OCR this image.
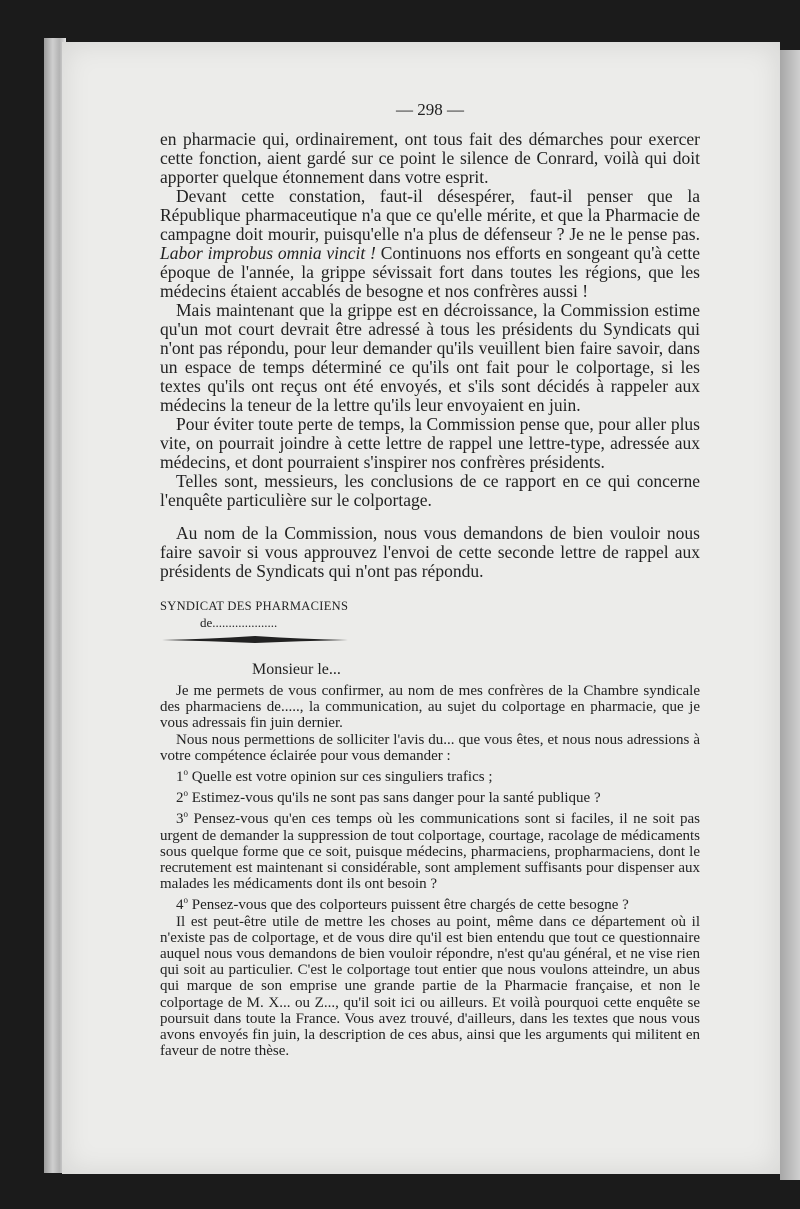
— 298 —

en pharmacie qui, ordinairement, ont tous fait des démarches pour exercer cette fonction, aient gardé sur ce point le silence de Conrard, voilà qui doit apporter quelque étonnement dans votre esprit.

Devant cette constation, faut-il désespérer, faut-il penser que la République pharmaceutique n'a que ce qu'elle mérite, et que la Pharmacie de campagne doit mourir, puisqu'elle n'a plus de défenseur ? Je ne le pense pas. Labor improbus omnia vincit ! Continuons nos efforts en songeant qu'à cette époque de l'année, la grippe sévissait fort dans toutes les régions, que les médecins étaient accablés de besogne et nos confrères aussi !

Mais maintenant que la grippe est en décroissance, la Commission estime qu'un mot court devrait être adressé à tous les présidents du Syndicats qui n'ont pas répondu, pour leur demander qu'ils veuillent bien faire savoir, dans un espace de temps déterminé ce qu'ils ont fait pour le colportage, si les textes qu'ils ont reçus ont été envoyés, et s'ils sont décidés à rappeler aux médecins la teneur de la lettre qu'ils leur envoyaient en juin.

Pour éviter toute perte de temps, la Commission pense que, pour aller plus vite, on pourrait joindre à cette lettre de rappel une lettre-type, adressée aux médecins, et dont pourraient s'inspirer nos confrères présidents.

Telles sont, messieurs, les conclusions de ce rapport en ce qui concerne l'enquête particulière sur le colportage.

Au nom de la Commission, nous vous demandons de bien vouloir nous faire savoir si vous approuvez l'envoi de cette seconde lettre de rappel aux présidents de Syndicats qui n'ont pas répondu.

SYNDICAT DES PHARMACIENS
de....................
Monsieur le...

Je me permets de vous confirmer, au nom de mes confrères de la Chambre syndicale des pharmaciens de....., la communication, au sujet du colportage en pharmacie, que je vous adressais fin juin dernier.

Nous nous permettions de solliciter l'avis du... que vous êtes, et nous nous adressions à votre compétence éclairée pour vous demander :

1$^o$ Quelle est votre opinion sur ces singuliers trafics ;

2$^o$ Estimez-vous qu'ils ne sont pas sans danger pour la santé publique ?

3$^o$ Pensez-vous qu'en ces temps où les communications sont si faciles, il ne soit pas urgent de demander la suppression de tout colportage, courtage, racolage de médicaments sous quelque forme que ce soit, puisque médecins, pharmaciens, propharmaciens, dont le recrutement est maintenant si considérable, sont amplement suffisants pour dispenser aux malades les médicaments dont ils ont besoin ?

4$^o$ Pensez-vous que des colporteurs puissent être chargés de cette besogne ?

Il est peut-être utile de mettre les choses au point, même dans ce département où il n'existe pas de colportage, et de vous dire qu'il est bien entendu que tout ce questionnaire auquel nous vous demandons de bien vouloir répondre, n'est qu'au général, et ne vise rien qui soit au particulier. C'est le colportage tout entier que nous voulons atteindre, un abus qui marque de son emprise une grande partie de la Pharmacie française, et non le colportage de M. X... ou Z..., qu'il soit ici ou ailleurs. Et voilà pourquoi cette enquête se poursuit dans toute la France. Vous avez trouvé, d'ailleurs, dans les textes que nous vous avons envoyés fin juin, la description de ces abus, ainsi que les arguments qui militent en faveur de notre thèse.
